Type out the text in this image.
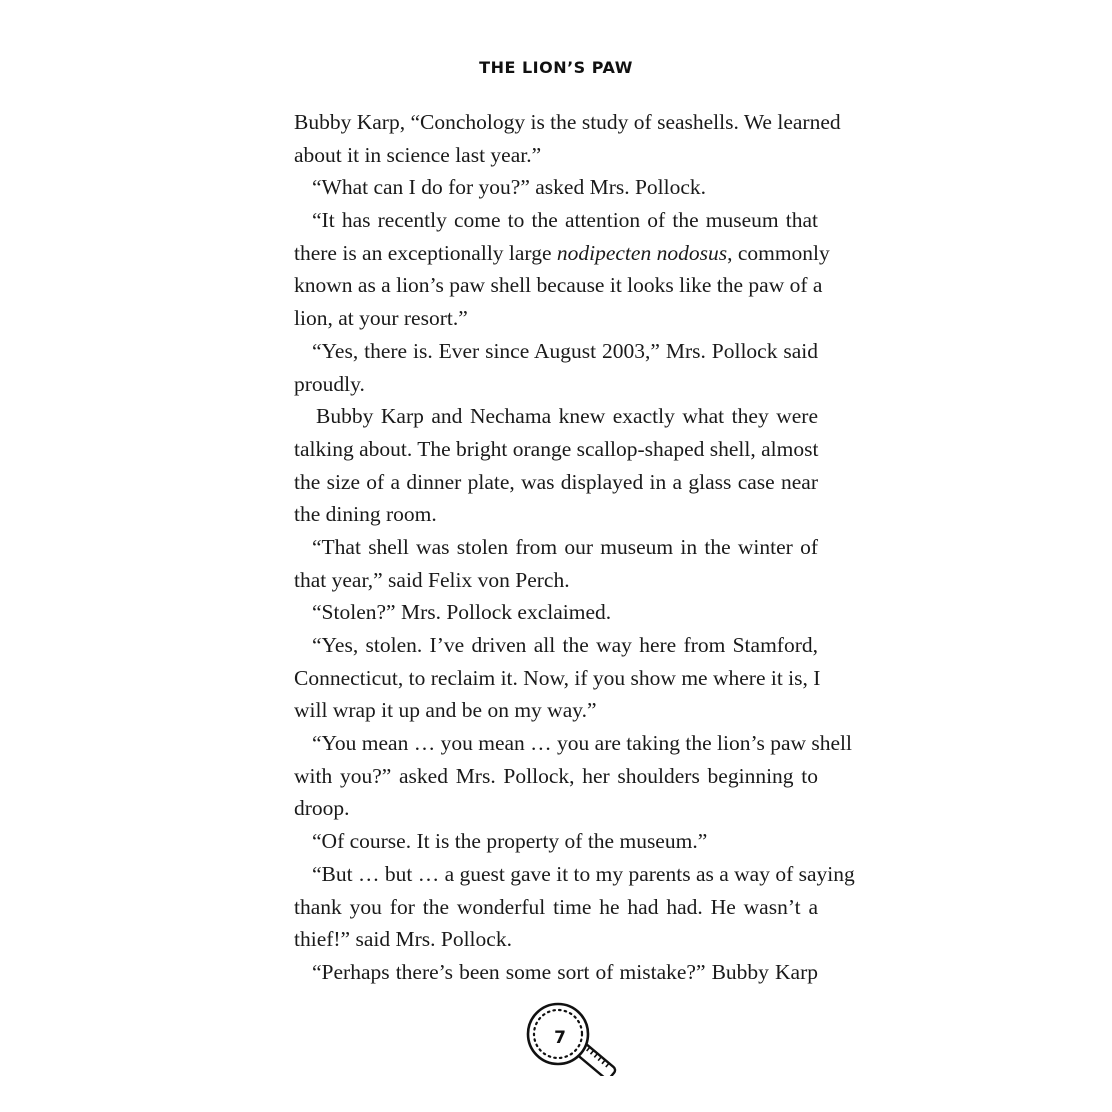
THE LION’S PAW
Bubby Karp, “Conchology is the study of seashells. We learned
about it in science last year.”
“What can I do for you?” asked Mrs. Pollock.
“It has recently come to the attention of the museum that
there is an exceptionally large nodipecten nodosus, commonly
known as a lion’s paw shell because it looks like the paw of a
lion, at your resort.”
“Yes, there is. Ever since August 2003,” Mrs. Pollock said
proudly.
Bubby Karp and Nechama knew exactly what they were
talking about. The bright orange scallop-shaped shell, almost
the size of a dinner plate, was displayed in a glass case near
the dining room.
“That shell was stolen from our museum in the winter of
that year,” said Felix von Perch.
“Stolen?” Mrs. Pollock exclaimed.
“Yes, stolen. I’ve driven all the way here from Stamford,
Connecticut, to reclaim it. Now, if you show me where it is, I
will wrap it up and be on my way.”
“You mean … you mean … you are taking the lion’s paw shell
with you?” asked Mrs. Pollock, her shoulders beginning to
droop.
“Of course. It is the property of the museum.”
“But … but … a guest gave it to my parents as a way of saying
thank you for the wonderful time he had had. He wasn’t a
thief!” said Mrs. Pollock.
“Perhaps there’s been some sort of mistake?” Bubby Karp
7
